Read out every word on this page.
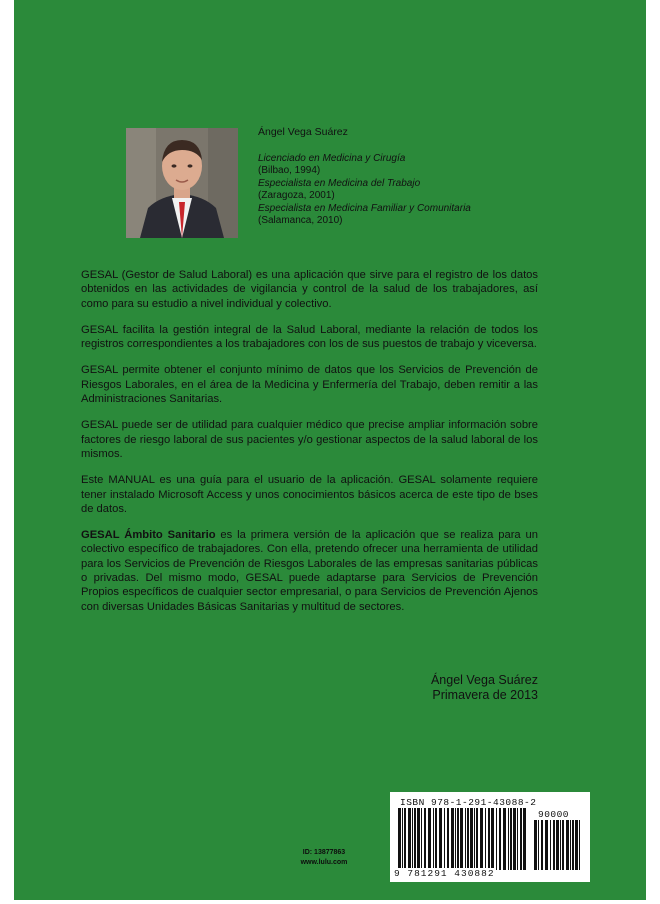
Ángel Vega Suárez
Licenciado en Medicina y Cirugía
(Bilbao, 1994)
Especialista en Medicina del Trabajo
(Zaragoza, 2001)
Especialista en Medicina Familiar y Comunitaria
(Salamanca, 2010)

GESAL (Gestor de Salud Laboral) es una aplicación que sirve para el registro de los datos obtenidos en las actividades de vigilancia y control de la salud de los trabajadores, así como para su estudio a nivel individual y colectivo.

GESAL facilita la gestión integral de la Salud Laboral, mediante la relación de todos los registros correspondientes a los trabajadores con los de sus puestos de trabajo y viceversa.

GESAL permite obtener el conjunto mínimo de datos que los Servicios de Prevención de Riesgos Laborales, en el área de la Medicina y Enfermería del Trabajo, deben remitir a las Administraciones Sanitarias.

GESAL puede ser de utilidad para cualquier médico que precise ampliar información sobre factores de riesgo laboral de sus pacientes y/o gestionar aspectos de la salud laboral de los mismos.

Este MANUAL es una guía para el usuario de la aplicación. GESAL solamente requiere tener instalado Microsoft Access y unos conocimientos básicos acerca de este tipo de bses de datos.

GESAL Ámbito Sanitario es la primera versión de la aplicación que se realiza para un colectivo específico de trabajadores. Con ella, pretendo ofrecer una herramienta de utilidad para los Servicios de Prevención de Riesgos Laborales de las empresas sanitarias públicas o privadas. Del mismo modo, GESAL puede adaptarse para Servicios de Prevención Propios específicos de cualquier sector empresarial, o para Servicios de Prevención Ajenos con diversas Unidades Básicas Sanitarias y multitud de sectores.

Ángel Vega Suárez
Primavera de 2013
ID: 13877863
www.lulu.com
ISBN 978-1-291-43088-2
90000
9 781291 430882
